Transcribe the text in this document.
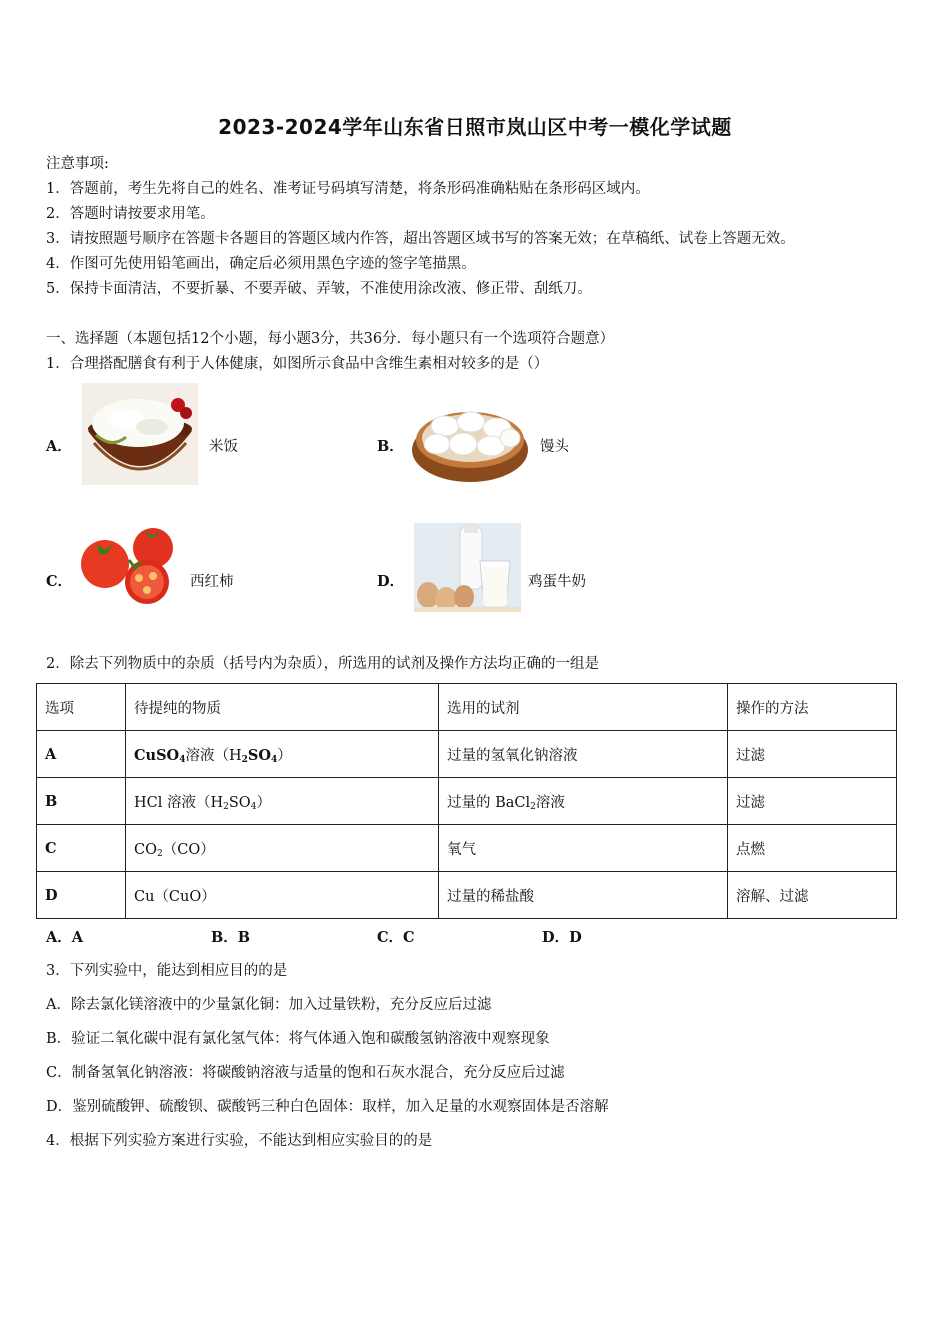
2023-2024学年山东省日照市岚山区中考一模化学试题
注意事项:
1．答题前，考生先将自己的姓名、准考证号码填写清楚，将条形码准确粘贴在条形码区域内。
2．答题时请按要求用笔。
3．请按照题号顺序在答题卡各题目的答题区域内作答，超出答题区域书写的答案无效；在草稿纸、试卷上答题无效。
4．作图可先使用铅笔画出，确定后必须用黑色字迹的签字笔描黑。
5．保持卡面清洁，不要折暴、不要弄破、弄皱，不准使用涂改液、修正带、刮纸刀。
一、选择题（本题包括12个小题，每小题3分，共36分．每小题只有一个选项符合题意）
1．合理搭配膳食有利于人体健康，如图所示食品中含维生素相对较多的是（）
A．	米饭	B．	馒头
C．	西红柿	D．	鸡蛋牛奶
2．除去下列物质中的杂质（括号内为杂质），所选用的试剂及操作方法均正确的一组是
选项	待提纯的物质	选用的试剂	操作的方法
A	CuSO$_4$溶液$(H_2SO_4)$	过量的氢氧化钠溶液	过滤
B	HCl 溶液$(H_2SO_4)$	过量的 BaCl$_2$溶液	过滤
C	$CO_2(CO)$	氧气	点燃
D	Cu（CuO）	过量的稀盐酸	溶解、过滤
A．A	B．B	C．C	D．D
3．下列实验中，能达到相应目的的是
A．除去氯化镁溶液中的少量氯化铜：加入过量铁粉，充分反应后过滤
B．验证二氧化碳中混有氯化氢气体：将气体通入饱和碳酸氢钠溶液中观察现象
C．制备氢氧化钠溶液：将碳酸钠溶液与适量的饱和石灰水混合，充分反应后过滤
D．鉴别硫酸钾、硫酸钡、碳酸钙三种白色固体：取样，加入足量的水观察固体是否溶解
4．根据下列实验方案进行实验，不能达到相应实验目的的是
